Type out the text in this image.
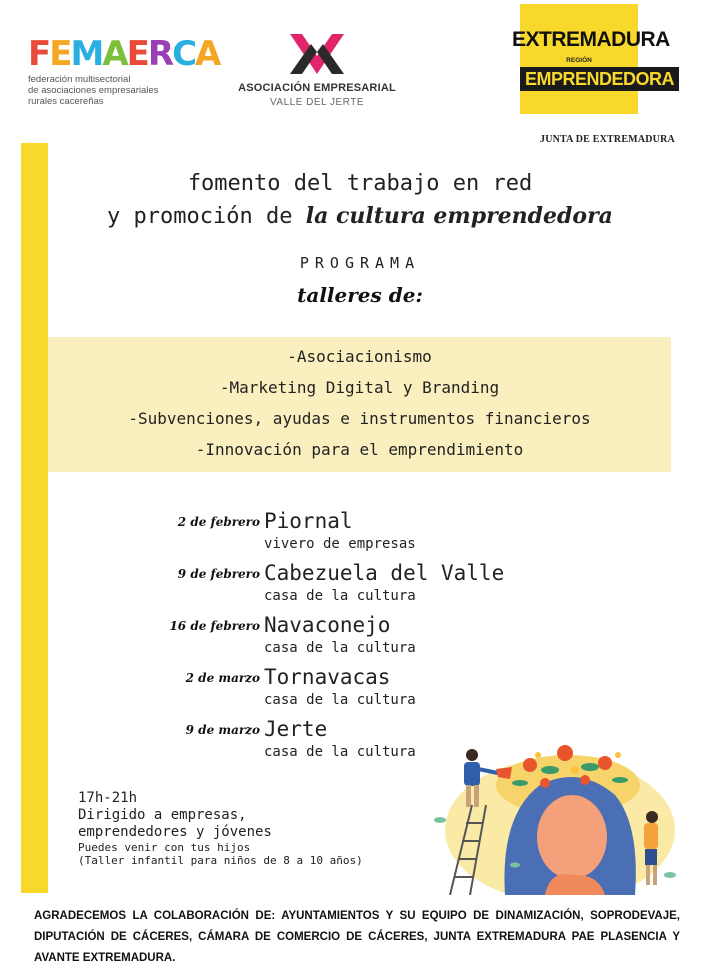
FEMAERCA
federación multisectorial
de asociaciones empresariales
rurales cacereñas
ASOCIACIÓN EMPRESARIAL
VALLE DEL JERTE
EXTREMADURA
REGIÓN
EMPRENDEDORA
JUNTA DE EXTREMADURA
fomento del trabajo en red
y promoción de la cultura emprendedora
PROGRAMA
talleres de:
-Asociacionismo
-Marketing Digital y Branding
-Subvenciones, ayudas e instrumentos financieros
-Innovación para el emprendimiento
2 de febrero Piornal
vivero de empresas
9 de febrero Cabezuela del Valle
casa de la cultura
16 de febrero Navaconejo
casa de la cultura
2 de marzo Tornavacas
casa de la cultura
9 de marzo Jerte
casa de la cultura
17h-21h
Dirigido a empresas,
emprendedores y jóvenes
Puedes venir con tus hijos
(Taller infantil para niños de 8 a 10 años)
AGRADECEMOS LA COLABORACIÓN DE: AYUNTAMIENTOS Y SU EQUIPO DE DINAMIZACIÓN, SOPRODEVAJE, DIPUTACIÓN DE CÁCERES, CÁMARA DE COMERCIO DE CÁCERES, JUNTA EXTREMADURA PAE PLASENCIA Y AVANTE EXTREMADURA.
